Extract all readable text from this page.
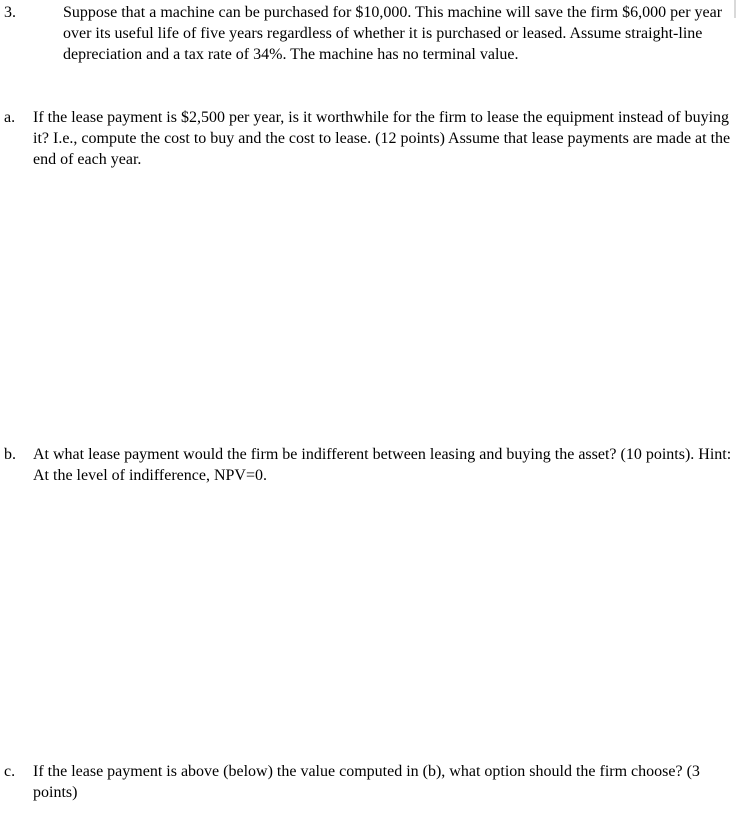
3.	Suppose that a machine can be purchased for $10,000. This machine will save the firm $6,000 per year over its useful life of five years regardless of whether it is purchased or leased. Assume straight-line depreciation and a tax rate of 34%. The machine has no terminal value.

a. If the lease payment is $2,500 per year, is it worthwhile for the firm to lease the equipment instead of buying it? I.e., compute the cost to buy and the cost to lease. (12 points) Assume that lease payments are made at the end of each year.

b. At what lease payment would the firm be indifferent between leasing and buying the asset? (10 points). Hint: At the level of indifference, NPV=0.

c. If the lease payment is above (below) the value computed in (b), what option should the firm choose? (3 points)
